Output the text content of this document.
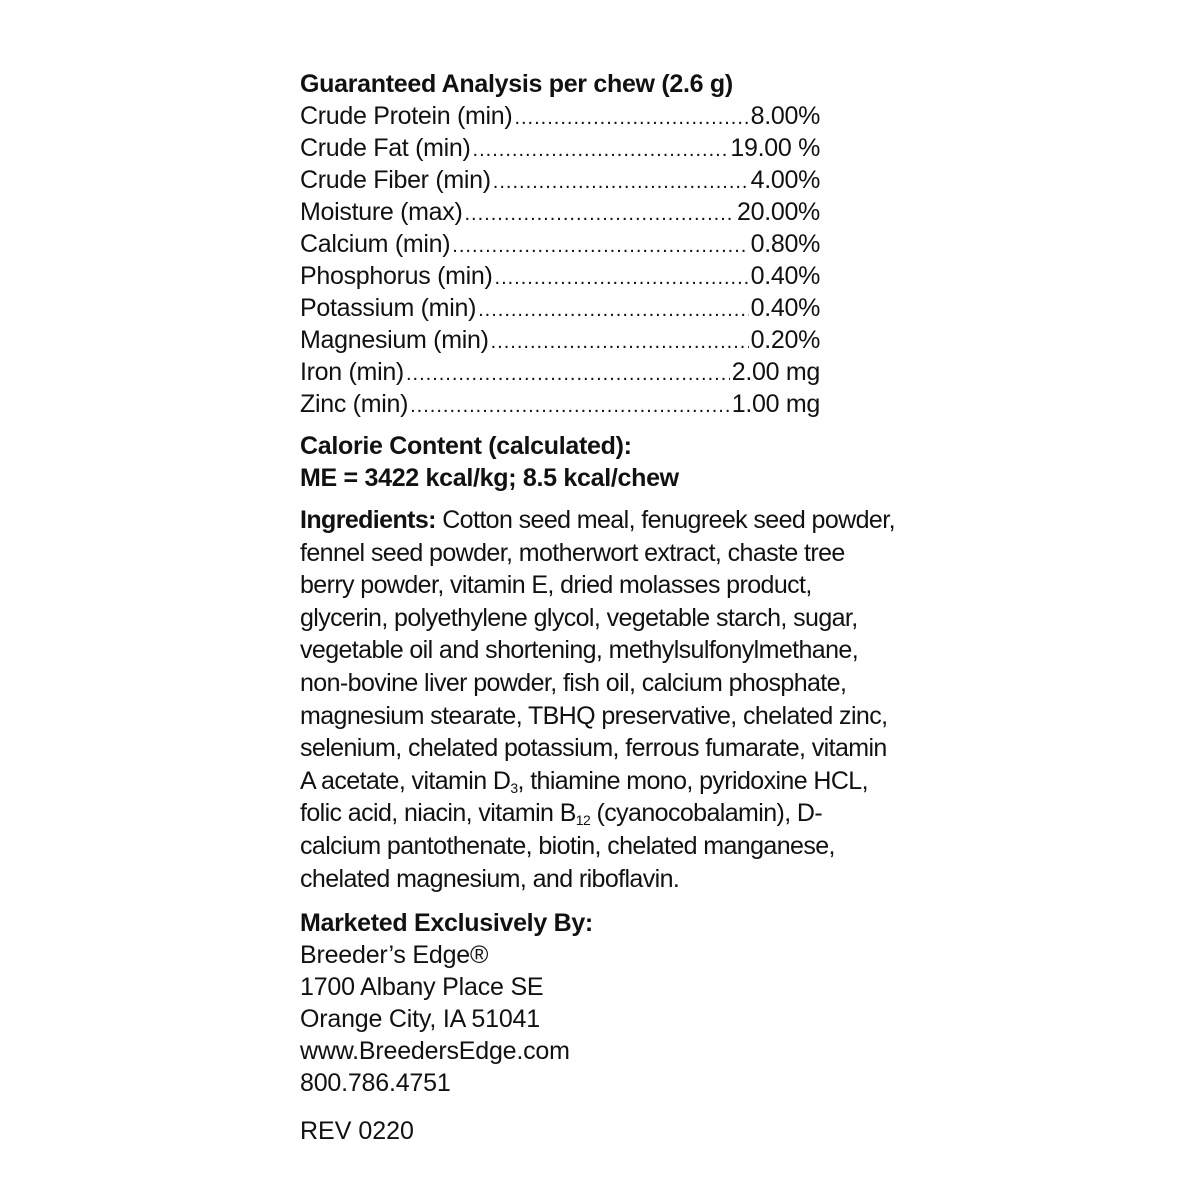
Guaranteed Analysis per chew (2.6 g)
Crude Protein (min) .....	8.00%
Crude Fat (min) .....	19.00 %
Crude Fiber (min) .....	4.00%
Moisture (max) .....	20.00%
Calcium (min) .....	0.80%
Phosphorus (min) .....	0.40%
Potassium (min) .....	0.40%
Magnesium (min) .....	0.20%
Iron (min) .....	2.00 mg
Zinc (min) .....	1.00 mg
Calorie Content (calculated):
ME = 3422 kcal/kg; 8.5 kcal/chew
Ingredients: Cotton seed meal, fenugreek seed powder, fennel seed powder, motherwort extract, chaste tree berry powder, vitamin E, dried molasses product, glycerin, polyethylene glycol, vegetable starch, sugar, vegetable oil and shortening, methylsulfonylmethane, non-bovine liver powder, fish oil, calcium phosphate, magnesium stearate, TBHQ preservative, chelated zinc, selenium, chelated potassium, ferrous fumarate, vitamin A acetate, vitamin $D_3$, thiamine mono, pyridoxine HCL, folic acid, niacin, vitamin $B_{12}$ (cyanocobalamin), D-calcium pantothenate, biotin, chelated manganese, chelated magnesium, and riboflavin.
Marketed Exclusively By:
Breeder’s Edge®
1700 Albany Place SE
Orange City, IA 51041
www.BreedersEdge.com
800.786.4751
REV 0220
